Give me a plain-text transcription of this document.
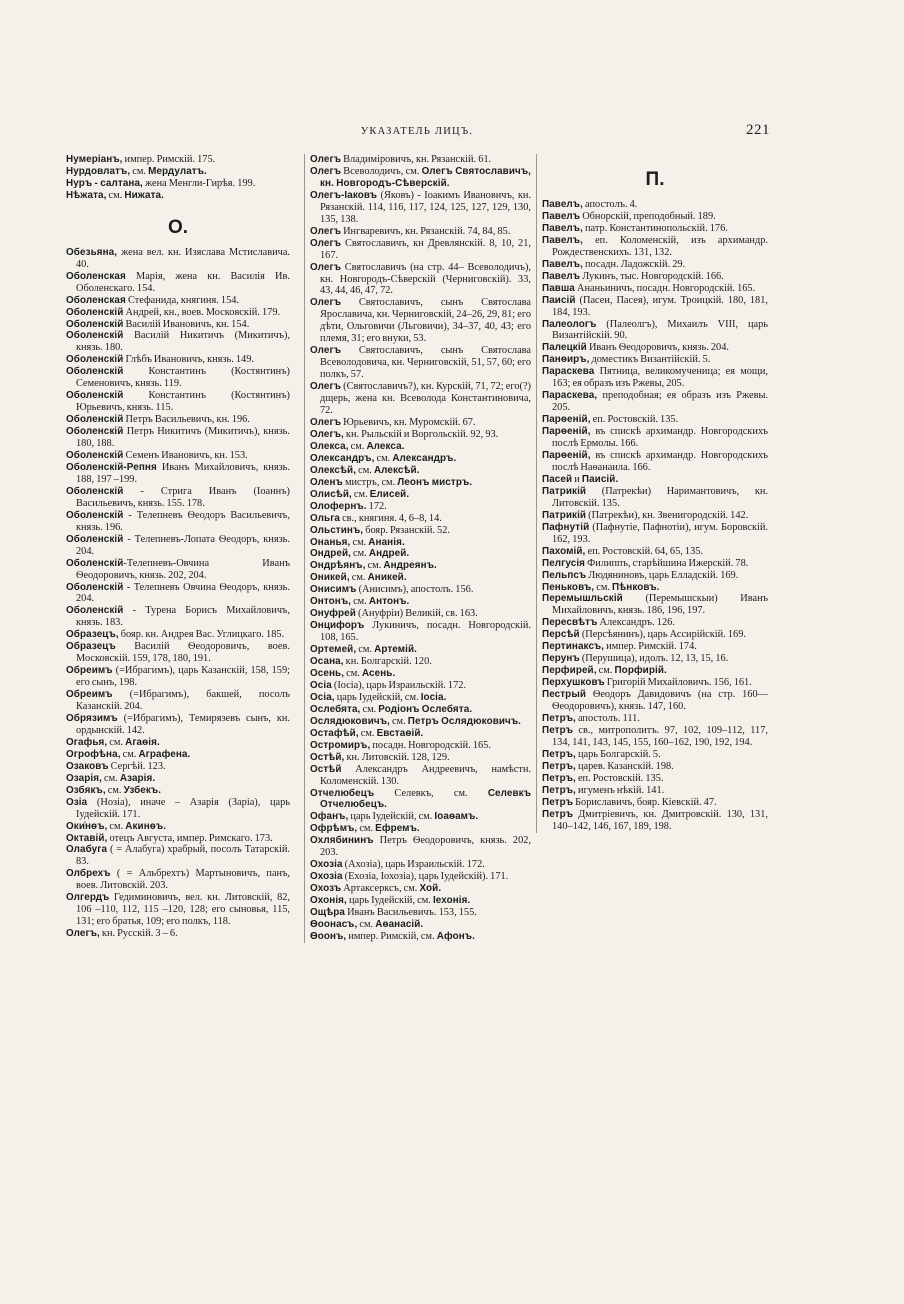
УКАЗАТЕЛЬ ЛИЦЪ.	221

Нумеріанъ, импер. Римскій. 175.

Нурдовлатъ, см. Мердулатъ.

Нуръ - салтана, жена Менгли-Гирѣя. 199.

Нѣжата, см. Нижата.

О.

Обезьяна, жена вел. кн. Изяслава Мстиславича. 40.

Оболенская Марія, жена кн. Василія Ив. Оболенскаго. 154.

Оболенская Стефанида, княгиня. 154.

Оболенскій Андрей, кн., воев. Московскій. 179.

Оболенскій Василій Ивановичъ, кн. 154.

Оболенскій Василій Никитичъ (Микитичъ), князь. 180.

Оболенскій Глѣбъ Ивановичъ, князь. 149.

Оболенскій Константинъ (Костянтинъ) Семеновичъ, князь. 119.

Оболенскій Константинъ (Костянтинъ) Юрьевичъ, князь. 115.

Оболенскій Петръ Васильевичъ, кн. 196.

Оболенскій Петръ Никитичъ (Микитичъ), князь. 180, 188.

Оболенскій Семенъ Ивановичъ, кн. 153.

Оболенскій-Репня Иванъ Михайловичъ, князь. 188, 197 –199.

Оболенскій - Стрига Иванъ (Іоаннъ) Васильевичъ, князь. 155. 178.

Оболенскій - Телепневъ Ѳеодоръ Васильевичъ, князь. 196.

Оболенскій - Телепневъ-Лопата Ѳеодоръ, князь. 204.

Оболенскій-Телепневъ-Овчина Иванъ Ѳеодоровичъ, князь. 202, 204.

Оболенскій - Телепневъ Овчина Ѳеодоръ, князь. 204.

Оболенскій - Турена Борисъ Михайловичъ, князь. 183.

Образецъ, бояр. кн. Андрея Вас. Углицкаго. 185.

Образецъ Василій Ѳеодоровичъ, воев. Московскій. 159, 178, 180, 191.

Обреимъ (=Ибрагимъ), царь Казанскій, 158, 159; его сынъ, 198.

Обреимъ (=Ибрагимъ), бакшей, посолъ Казанскій. 204.

Обрязимъ (=Ибрагимъ), Темирязевъ сынъ, кн. ордынскій. 142.

Огафья, см. Агаѳія.

Огрофѣна, см. Аграфена.

Озаковъ Сергѣй. 123.

Озарія, см. Азарія.

Озбякъ, см. Узбекъ.

Озіа (Нозіа), иначе – Азарія (Заріа), царь Іудейскій. 171.

Оки̇нѳъ, см. Акинѳъ.

Октавій, отецъ Августа, импер. Римскаго. 173.

Олабуга ( = Алабуга) храбрый, посолъ Татарскій. 83.

Олбрехъ ( = Альбрехтъ) Мартыновичъ, панъ, воев. Литовскій. 203.

Олгердъ Гедиминовичъ, вел. кн. Литовскій, 82, 106 –110, 112, 115 –120, 128; его сыновья, 115, 131; его братья, 109; его полкъ, 118.

Олегъ, кн. Русскій. 3 – 6.

Олегъ Владиміровичъ, кн. Рязанскій. 61.

Олегъ Всеволодичъ, см. Олегъ Святославичъ, кн. Новгородъ-Сѣверскій.

Олегъ-Іаковъ (Яковъ) - Іоакимъ Ивановичъ, кн. Рязанскій. 114, 116, 117, 124, 125, 127, 129, 130, 135, 138.

Олегъ Ингваревичъ, кн. Рязанскій. 74, 84, 85.

Олегъ Святославичъ, кн Древлянскій. 8, 10, 21, 167.

Олегъ Святославичъ (на стр. 44– Всеволодичъ), кн. Новгородъ-Сѣверскій (Черниговскій). 33, 43, 44, 46, 47, 72.

Олегъ Святославичъ, сынъ Святослава Ярославича, кн. Черниговскій, 24–26, 29, 81; его дѣти, Ольговичи (Льговичи), 34–37, 40, 43; его племя, 31; его внуки, 53.

Олегъ Святославичъ, сынъ Святослава Всеволодовича, кн. Черниговскій, 51, 57, 60; его полкъ, 57.

Олегъ (Святославичъ?), кн. Курскій, 71, 72; его(?) дщерь, жена кн. Всеволода Константиновича, 72.

Олегъ Юрьевичъ, кн. Муромскій. 67.

Олегъ, кн. Рыльскій и Воргольскій. 92, 93.

Олекса, см. Алекса.

Олександръ, см. Александръ.

Олексѣй, см. Алексѣй.

Оленъ мистръ, см. Леонъ мистръ.

Олисѣй, см. Елисей.

Олофернъ. 172.

Ольга св., княгиня. 4, 6–8, 14.

Ольстинъ, бояр. Рязанскій. 52.

Онанья, см. Ананія.

Ондрей, см. Андрей.

Ондрѣянъ, см. Андреянъ.

Оникей, см. Аникей.

Онисимъ (Анисимъ), апостолъ. 156.

Онтонъ, см. Антонъ.

Онуфрей (Ануфріи) Великій, св. 163.

Онцифоръ Лукиничъ, посадн. Новгородскій. 108, 165.

Ортемей, см. Артемій.

Осана, кн. Болгарскій. 120.

Осень, см. Асень.

Осіа (Іосіа), царь Израильскій. 172.

Осіа, царь Іудейскій, см. Іосіа.

Ослебята, см. Родіонъ Ослебята.

Ослядюковичъ, см. Петръ Ослядюковичъ.

Остафѣй, см. Евстаѳій.

Остромиръ, посадн. Новгородскій. 165.

Остѣй, кн. Литовскій. 128, 129.

Остѣй Александръ Андреевичъ, намѣстн. Коломенскій. 130.

Отчелюбецъ Селевкъ, см. Селевкъ Отчелюбецъ.

Офанъ, царь Іудейскій, см. Іоаѳамъ.

Офрѣмъ, см. Ефремъ.

Охлябининъ Петръ Ѳеодоровичъ, князь. 202, 203.

Охозіа (Ахозіа), царь Израильскій. 172.

Охозіа (Ехозіа, Іохозіа), царь Іудейскій). 171.

Охозъ Артаксерксъ, см. Хой.

Охонія, царь Іудейскій, см. Іехонія.

Ощѣра Иванъ Васильевичъ. 153, 155.

Ѳоонасъ, см. Аѳанасій.

Ѳоонъ, импер. Римскій, см. Афонъ.

П.

Павелъ, апостолъ. 4.

Павелъ Обнорскій, преподобный. 189.

Павелъ, патр. Константинопольскій. 176.

Павелъ, еп. Коломенскій, изъ архимандр. Рождественскихъ. 131, 132.

Павелъ, посадн. Ладожскій. 29.

Павелъ Лукинъ, тыс. Новгородскій. 166.

Павша Ананьиничъ, посадн. Новгородскій. 165.

Паисій (Пасеи, Пасея), игум. Троицкій. 180, 181, 184, 193.

Палеологъ (Палеолгъ), Михаилъ VIII, царь Византійскій. 90.

Палецкій Иванъ Ѳеодоровичъ, князь. 204.

Панѳиръ, доместикъ Византійскій. 5.

Параскева Пятница, великомученица; ея мощи, 163; ея образъ изъ Ржевы, 205.

Параскева, преподобная; ея образъ изъ Ржевы. 205.

Парѳеній, еп. Ростовскій. 135.

Парѳеній, въ спискѣ архимандр. Новгородскихъ послѣ Ермолы. 166.

Парѳеній, въ спискѣ архимандр. Новгородскихъ послѣ Наѳанаила. 166.

Пасей и Паисій.

Патрикій (Патрекѣи) Наримантовичъ, кн. Литовскій. 135.

Патрикій (Патрекѣи), кн. Звенигородскій. 142.

Пафнутій (Пафнутіе, Пафнотіи), игум. Боровскій. 162, 193.

Пахомій, еп. Ростовскій. 64, 65, 135.

Пелгусія Филиппъ, старѣйшина Ижерскій. 78.

Пельпсъ Людяниновъ, царь Елладскій. 169.

Пеньковъ, см. Пѣнковъ.

Перемышльскій (Перемышскыи) Иванъ Михайловичъ, князь. 186, 196, 197.

Пересвѣтъ Александръ. 126.

Персѣй (Персѣянинъ), царь Ассирійскій. 169.

Пертинаксъ, импер. Римскій. 174.

Перунъ (Перушица), идолъ. 12, 13, 15, 16.

Перфирей, см. Порфирій.

Перхушковъ Григорій Михайловичъ. 156, 161.

Пестрый Ѳеодоръ Давидовичъ (на стр. 160—Ѳеодоровичъ), князь. 147, 160.

Петръ, апостолъ. 111.

Петръ св., митрополитъ. 97, 102, 109–112, 117, 134, 141, 143, 145, 155, 160–162, 190, 192, 194.

Петръ, царь Болгарскій. 5.

Петръ, царев. Казанскій. 198.

Петръ, еп. Ростовскій. 135.

Петръ, игуменъ нѣкій. 141.

Петръ Бориславичъ, бояр. Кіевскій. 47.

Петръ Дмитріевичъ, кн. Дмитровскій. 130, 131, 140–142, 146, 167, 189, 198.
